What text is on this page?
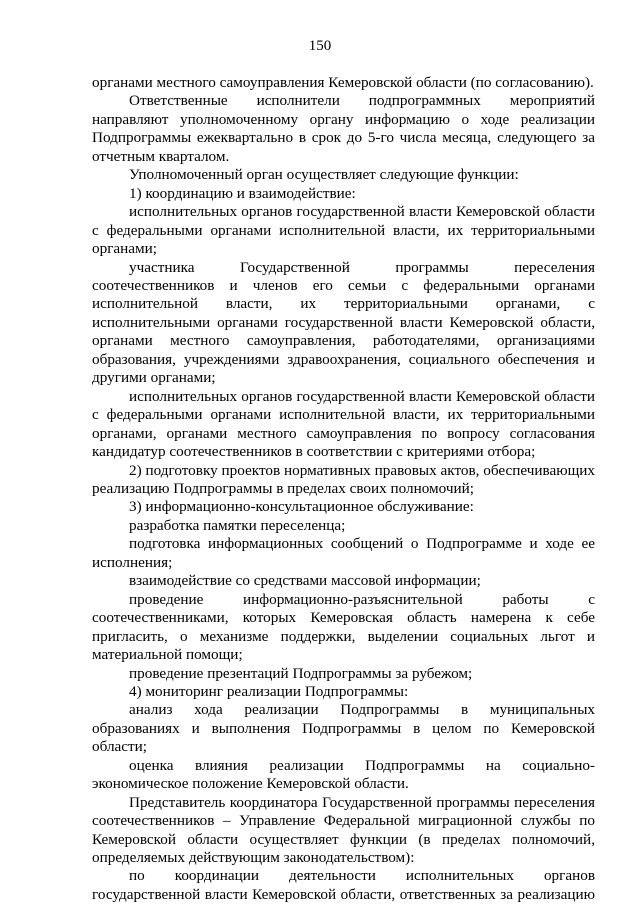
150

органами местного самоуправления Кемеровской области (по согласованию).

Ответственные исполнители подпрограммных мероприятий направляют уполномоченному органу информацию о ходе реализации Подпрограммы ежеквартально в срок до 5-го числа месяца, следующего за отчетным кварталом.

Уполномоченный орган осуществляет следующие функции:

1) координацию и взаимодействие:

исполнительных органов государственной власти Кемеровской области с федеральными органами исполнительной власти, их территориальными органами;

участника Государственной программы переселения соотечественников и членов его семьи с федеральными органами исполнительной власти, их территориальными органами, с исполнительными органами государственной власти Кемеровской области, органами местного самоуправления, работодателями, организациями образования, учреждениями здравоохранения, социального обеспечения и другими органами;

исполнительных органов государственной власти Кемеровской области с федеральными органами исполнительной власти, их территориальными органами, органами местного самоуправления по вопросу согласования кандидатур соотечественников в соответствии с критериями отбора;

2) подготовку проектов нормативных правовых актов, обеспечивающих реализацию Подпрограммы в пределах своих полномочий;

3) информационно-консультационное обслуживание:

разработка памятки переселенца;

подготовка информационных сообщений о Подпрограмме и ходе ее исполнения;

взаимодействие со средствами массовой информации;

проведение информационно-разъяснительной работы с соотечественниками, которых Кемеровская область намерена к себе пригласить, о механизме поддержки, выделении социальных льгот и материальной помощи;

проведение презентаций Подпрограммы за рубежом;

4) мониторинг реализации Подпрограммы:

анализ хода реализации Подпрограммы в муниципальных образованиях и выполнения Подпрограммы в целом по Кемеровской области;

оценка влияния реализации Подпрограммы на социально-экономическое положение Кемеровской области.

Представитель координатора Государственной программы переселения соотечественников – Управление Федеральной миграционной службы по Кемеровской области осуществляет функции (в пределах полномочий, определяемых действующим законодательством):

по координации деятельности исполнительных органов государственной власти Кемеровской области, ответственных за реализацию
